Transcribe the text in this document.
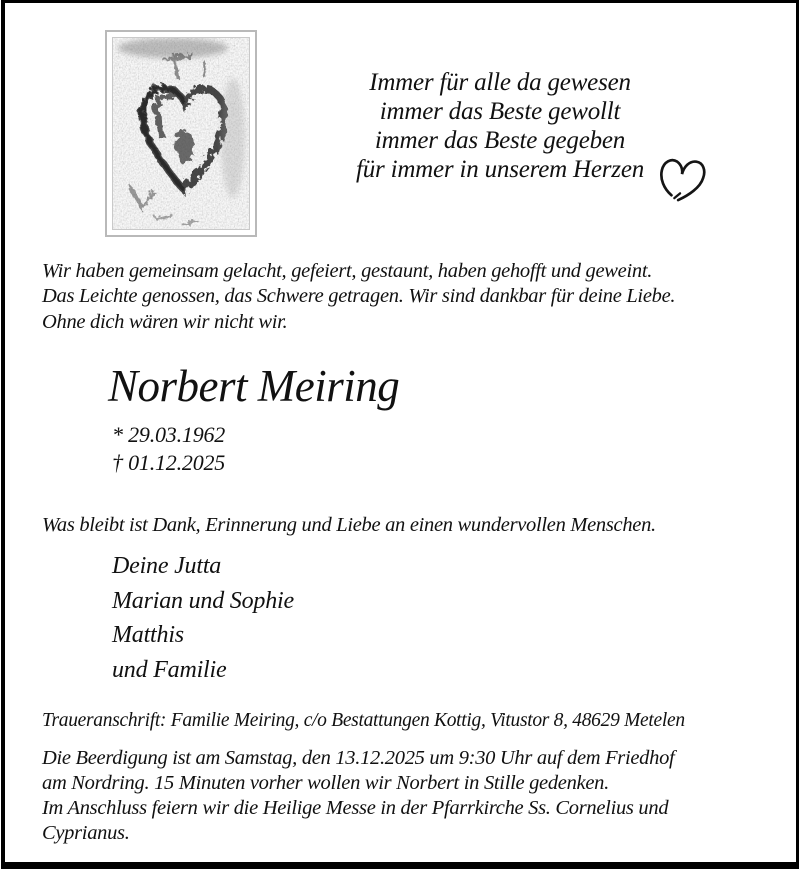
Immer für alle da gewesen
immer das Beste gewollt
immer das Beste gegeben
für immer in unserem Herzen
Wir haben gemeinsam gelacht, gefeiert, gestaunt, haben gehofft und geweint.
Das Leichte genossen, das Schwere getragen. Wir sind dankbar für deine Liebe.
Ohne dich wären wir nicht wir.
Norbert Meiring
* 29.03.1962
† 01.12.2025
Was bleibt ist Dank, Erinnerung und Liebe an einen wundervollen Menschen.
Deine Jutta
Marian und Sophie
Matthis
und Familie
Traueranschrift: Familie Meiring, c/o Bestattungen Kottig, Vitustor 8, 48629 Metelen
Die Beerdigung ist am Samstag, den 13.12.2025 um 9:30 Uhr auf dem Friedhof
am Nordring. 15 Minuten vorher wollen wir Norbert in Stille gedenken.
Im Anschluss feiern wir die Heilige Messe in der Pfarrkirche Ss. Cornelius und
Cyprianus.
